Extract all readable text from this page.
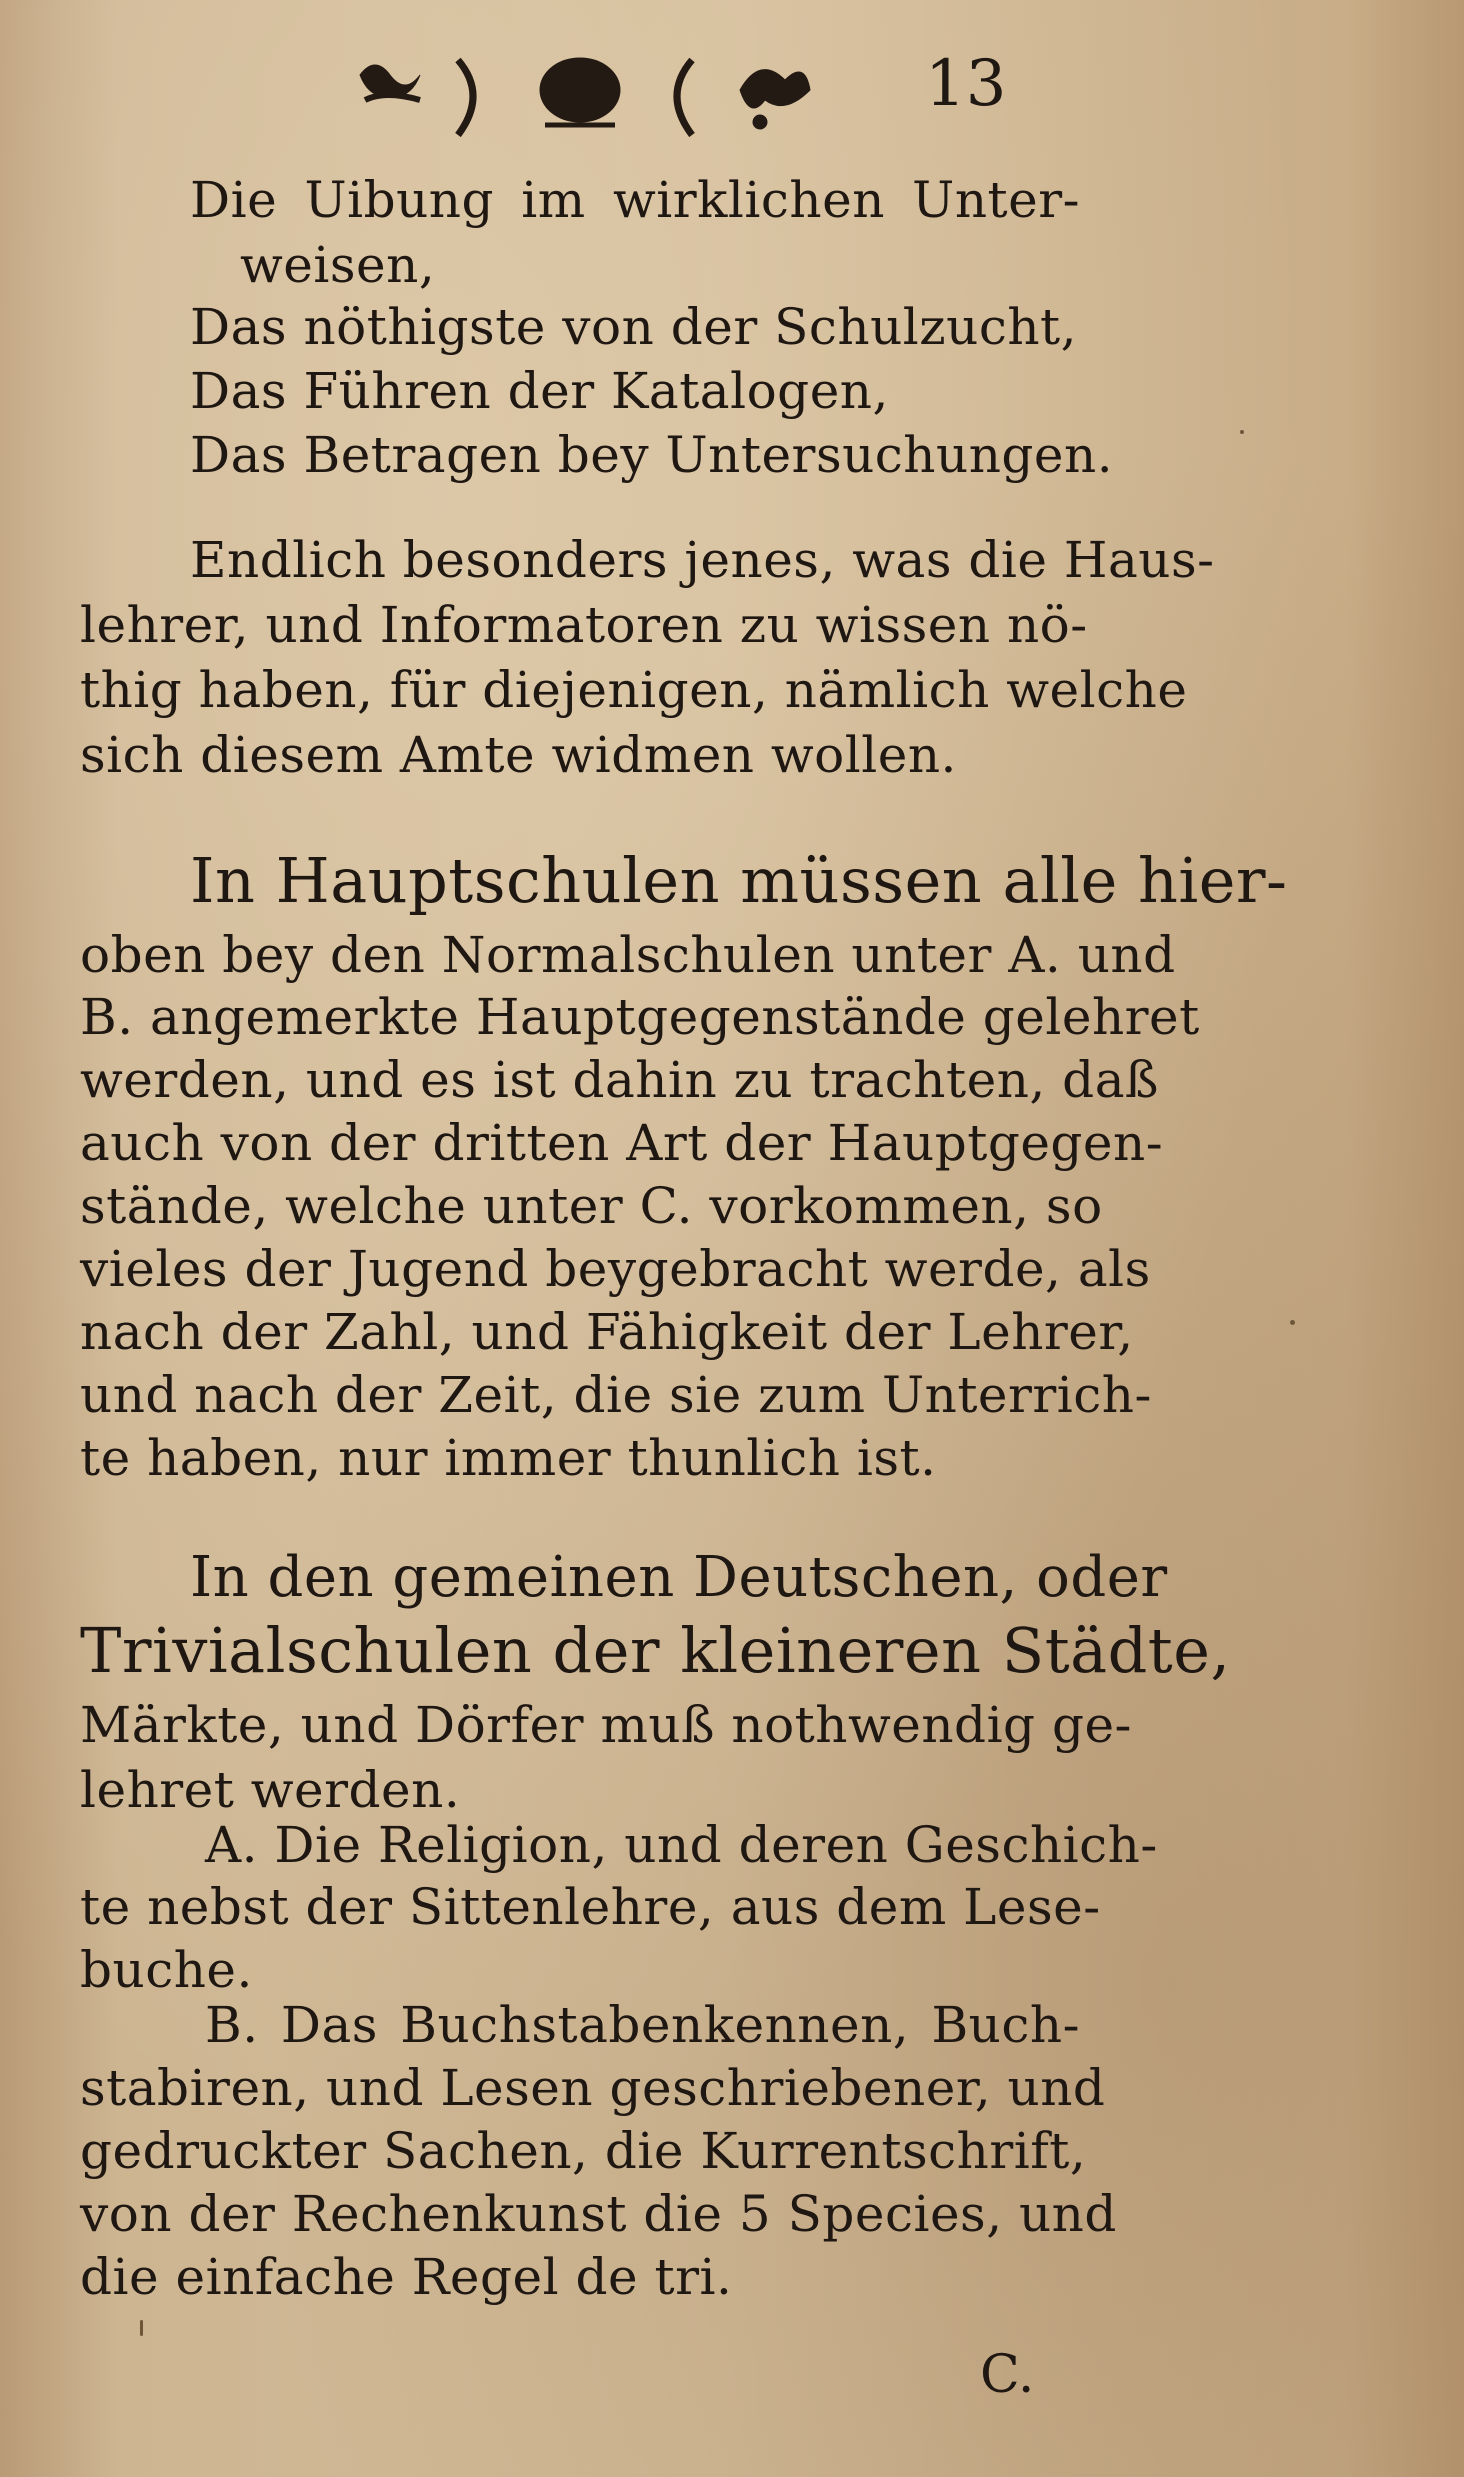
13
Die Uibung im wirklichen Unter-
weisen,
Das nöthigste von der Schulzucht,
Das Führen der Katalogen,
Das Betragen bey Untersuchungen.
Endlich besonders jenes, was die Haus-
lehrer, und Informatoren zu wissen nö-
thig haben, für diejenigen, nämlich welche
sich diesem Amte widmen wollen.
In Hauptschulen müssen alle hier-
oben bey den Normalschulen unter A. und
B. angemerkte Hauptgegenstände gelehret
werden, und es ist dahin zu trachten, daß
auch von der dritten Art der Hauptgegen-
stände, welche unter C. vorkommen, so
vieles der Jugend beygebracht werde, als
nach der Zahl, und Fähigkeit der Lehrer,
und nach der Zeit, die sie zum Unterrich-
te haben, nur immer thunlich ist.
In den gemeinen Deutschen, oder
Trivialschulen der kleineren Städte,
Märkte, und Dörfer muß nothwendig ge-
lehret werden.
A. Die Religion, und deren Geschich-
te nebst der Sittenlehre, aus dem Lese-
buche.
B. Das Buchstabenkennen, Buch-
stabiren, und Lesen geschriebener, und
gedruckter Sachen, die Kurrentschrift,
von der Rechenkunst die 5 Species, und
die einfache Regel de tri.
C.
